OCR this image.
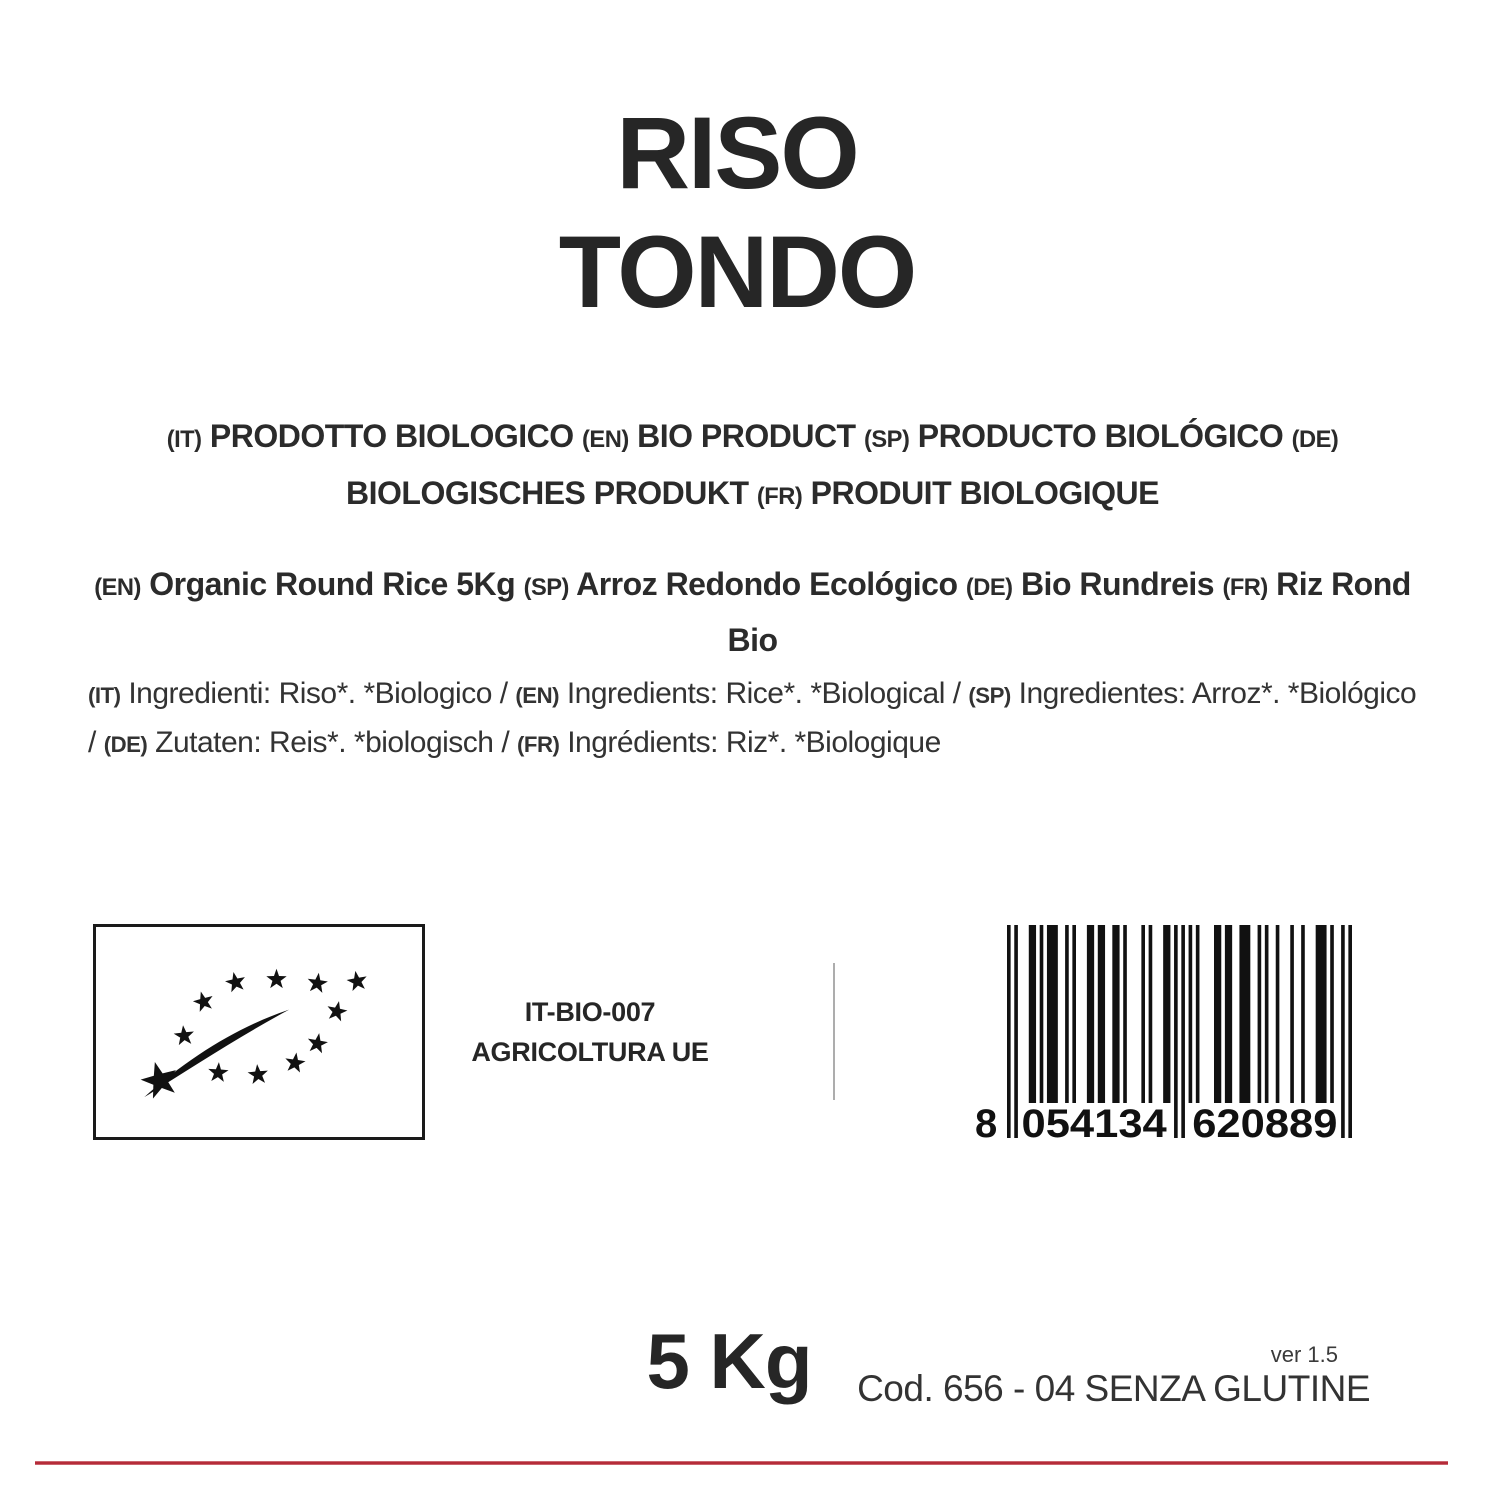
RISO
TONDO

(IT) PRODOTTO BIOLOGICO (EN) BIO PRODUCT (SP) PRODUCTO BIOLÓGICO (DE) BIOLOGISCHES PRODUKT (FR) PRODUIT BIOLOGIQUE

(EN) Organic Round Rice 5Kg (SP) Arroz Redondo Ecológico (DE) Bio Rundreis (FR) Riz Rond Bio

(IT) Ingredienti: Riso*. *Biologico / (EN) Ingredients: Rice*. *Biological / (SP) Ingredientes: Arroz*. *Biológico / (DE) Zutaten: Reis*. *biologisch / (FR) Ingrédients: Riz*. *Biologique

IT-BIO-007
AGRICOLTURA UE
8 054134 620889
5 Kg	ver 1.5
Cod. 656 - 04 SENZA GLUTINE
